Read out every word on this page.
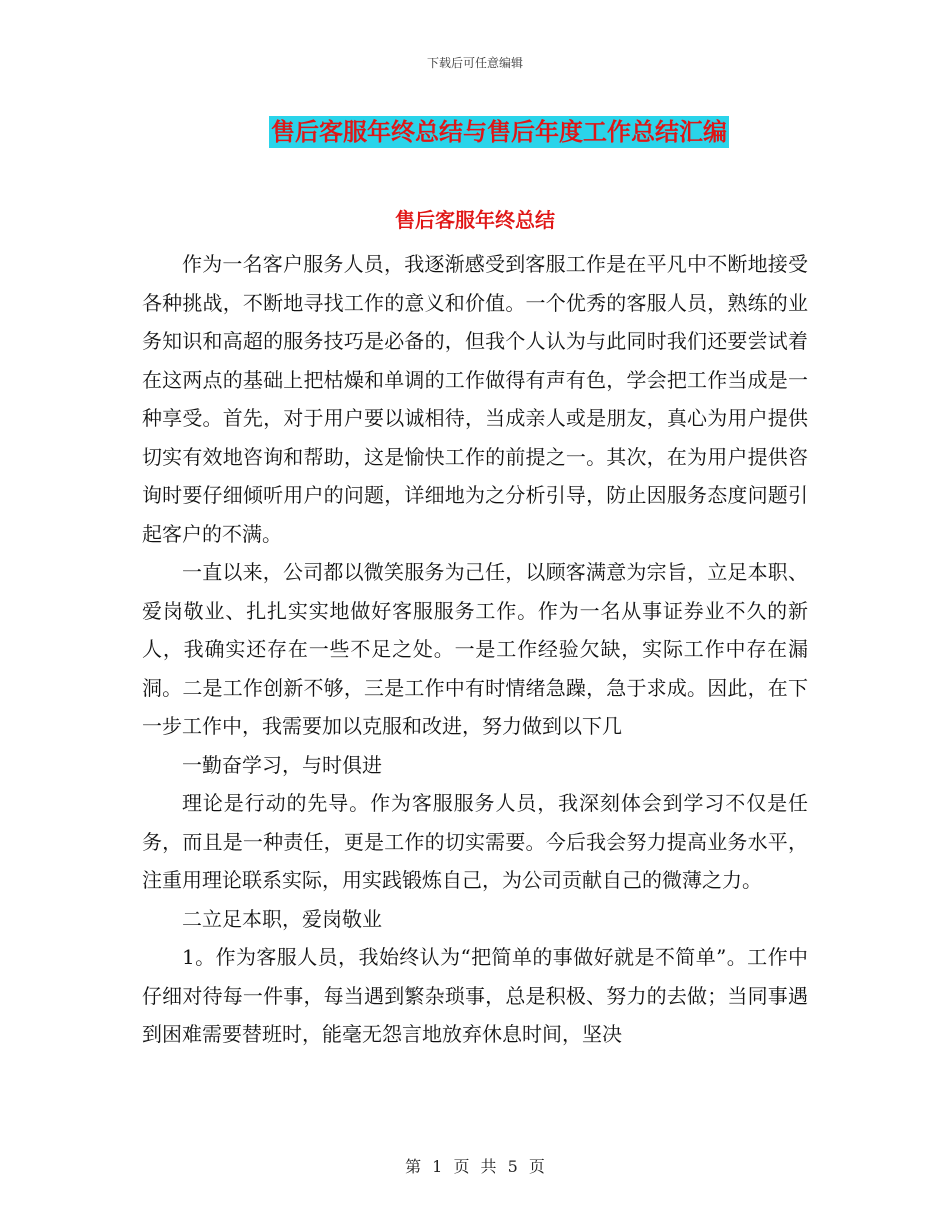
下载后可任意编辑
售后客服年终总结与售后年度工作总结汇编
售后客服年终总结

作为一名客户服务人员，我逐渐感受到客服工作是在平凡中不断地接受各种挑战，不断地寻找工作的意义和价值。一个优秀的客服人员，熟练的业务知识和高超的服务技巧是必备的，但我个人认为与此同时我们还要尝试着在这两点的基础上把枯燥和单调的工作做得有声有色，学会把工作当成是一种享受。首先，对于用户要以诚相待，当成亲人或是朋友，真心为用户提供切实有效地咨询和帮助，这是愉快工作的前提之一。其次，在为用户提供咨询时要仔细倾听用户的问题，详细地为之分析引导，防止因服务态度问题引起客户的不满。

一直以来，公司都以微笑服务为己任，以顾客满意为宗旨，立足本职、爱岗敬业、扎扎实实地做好客服服务工作。作为一名从事证券业不久的新人，我确实还存在一些不足之处。一是工作经验欠缺，实际工作中存在漏洞。二是工作创新不够，三是工作中有时情绪急躁，急于求成。因此，在下一步工作中，我需要加以克服和改进，努力做到以下几

一勤奋学习，与时俱进

理论是行动的先导。作为客服服务人员，我深刻体会到学习不仅是任务，而且是一种责任，更是工作的切实需要。今后我会努力提高业务水平，注重用理论联系实际，用实践锻炼自己，为公司贡献自己的微薄之力。

二立足本职，爱岗敬业

1。作为客服人员，我始终认为“把简单的事做好就是不简单”。工作中仔细对待每一件事，每当遇到繁杂琐事，总是积极、努力的去做；当同事遇到困难需要替班时，能毫无怨言地放弃休息时间，坚决

第 1 页 共 5 页
